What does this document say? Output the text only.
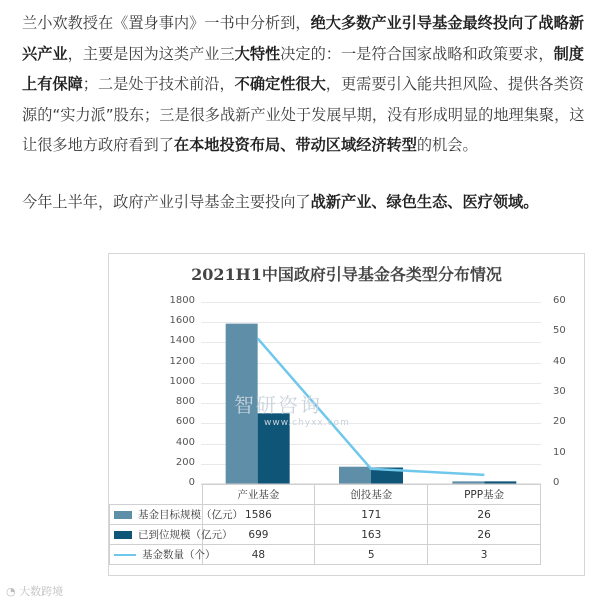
兰小欢教授在《置身事内》一书中分析到，绝大多数产业引导基金最终投向了战略新兴产业，主要是因为这类产业三大特性决定的：一是符合国家战略和政策要求，制度上有保障；二是处于技术前沿，不确定性很大，更需要引入能共担风险、提供各类资源的“实力派”股东；三是很多战新产业处于发展早期，没有形成明显的地理集聚，这让很多地方政府看到了在本地投资布局、带动区域经济转型的机会。

今年上半年，政府产业引导基金主要投向了战新产业、绿色生态、医疗领域。

2021H1中国政府引导基金各类型分布情况
0
200
400
600
800
1000
1200
1400
1600
1800
0
10
20
30
40
50
60
智研咨询
www.chyxx.com
	产业基金	创投基金	PPP基金
基金目标规模（亿元）	1586	171	26
已到位规模（亿元）	699	163	26
基金数量（个）	48	5	3
◔ 大数跨境
